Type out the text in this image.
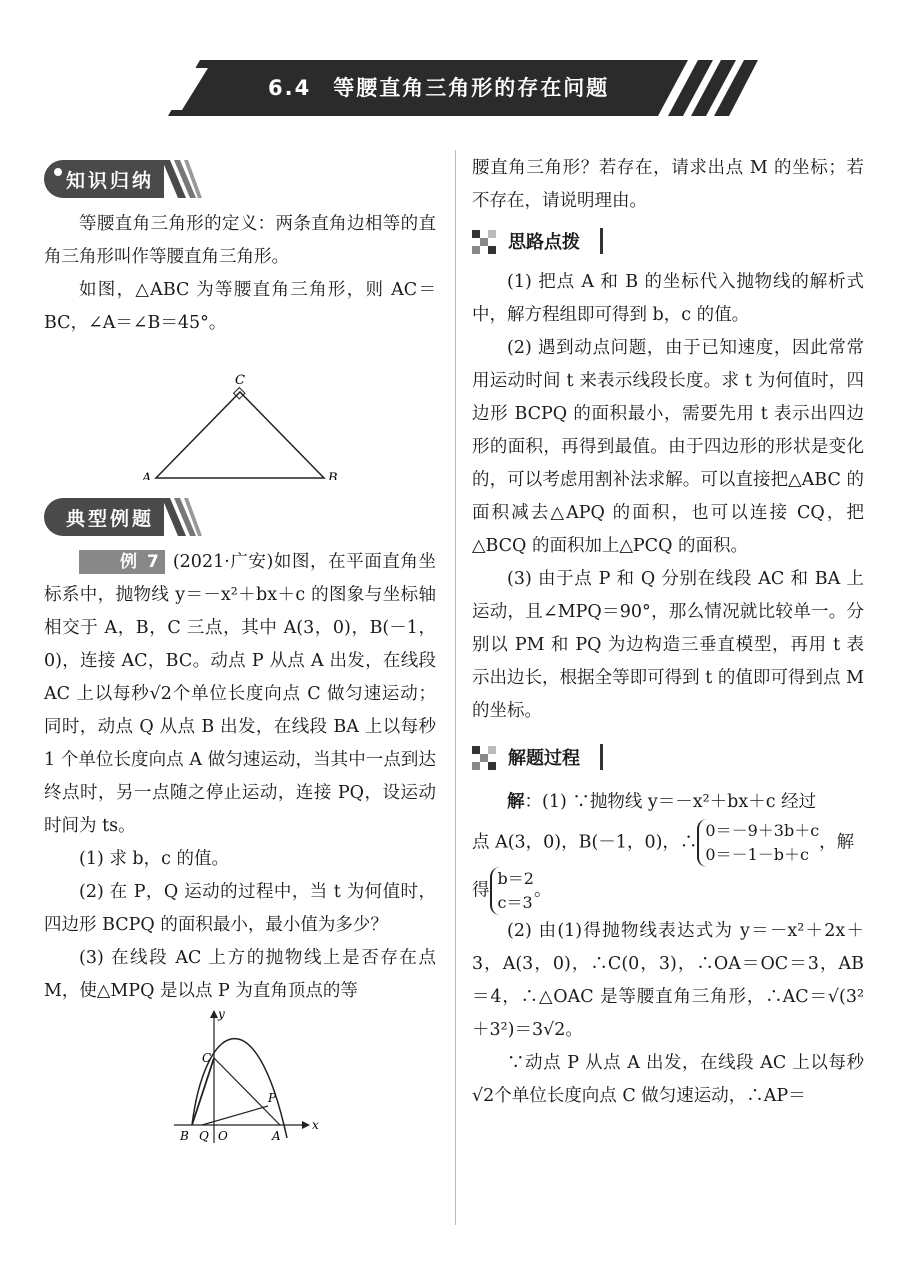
6.4 等腰直角三角形的存在问题
知识归纳

等腰直角三角形的定义：两条直角边相等的直角三角形叫作等腰直角三角形。

如图，△ABC 为等腰直角三角形，则 AC＝BC，∠A＝∠B＝45°。

A	B
C
典型例题

例 7 (2021·广安)如图，在平面直角坐标系中，抛物线 y＝－x²＋bx＋c 的图象与坐标轴相交于 A，B，C 三点，其中 A(3，0)，B(－1，0)，连接 AC，BC。动点 P 从点 A 出发，在线段 AC 上以每秒√2个单位长度向点 C 做匀速运动；同时，动点 Q 从点 B 出发，在线段 BA 上以每秒 1 个单位长度向点 A 做匀速运动，当其中一点到达终点时，另一点随之停止运动，连接 PQ，设运动时间为 ts。

(1) 求 b，c 的值。

(2) 在 P，Q 运动的过程中，当 t 为何值时，四边形 BCPQ 的面积最小，最小值为多少？

(3) 在线段 AC 上方的抛物线上是否存在点 M，使△MPQ 是以点 P 为直角顶点的等

y
x
C
P
B Q O	A

腰直角三角形？若存在，请求出点 M 的坐标；若不存在，请说明理由。

思路点拨

(1) 把点 A 和 B 的坐标代入抛物线的解析式中，解方程组即可得到 b，c 的值。

(2) 遇到动点问题，由于已知速度，因此常常用运动时间 t 来表示线段长度。求 t 为何值时，四边形 BCPQ 的面积最小，需要先用 t 表示出四边形的面积，再得到最值。由于四边形的形状是变化的，可以考虑用割补法求解。可以直接把△ABC 的面积减去△APQ 的面积，也可以连接 CQ，把△BCQ 的面积加上△PCQ 的面积。

(3) 由于点 P 和 Q 分别在线段 AC 和 BA 上运动，且∠MPQ＝90°，那么情况就比较单一。分别以 PM 和 PQ 为边构造三垂直模型，再用 t 表示出边长，根据全等即可得到 t 的值即可得到点 M 的坐标。

解题过程

解：(1) ∵抛物线 y＝－x²＋bx＋c 经过

点 A(3，0)，B(－1，0)，∴0＝－9＋3b＋c
0＝－1－b＋c，解

得b＝2
c＝3。

(2) 由(1)得抛物线表达式为 y＝－x²＋2x＋3，A(3，0)，∴C(0，3)，∴OA＝OC＝3，AB＝4，∴△OAC 是等腰直角三角形，∴AC＝√(3²＋3²)＝3√2。

∵动点 P 从点 A 出发，在线段 AC 上以每秒√2个单位长度向点 C 做匀速运动，∴AP＝
